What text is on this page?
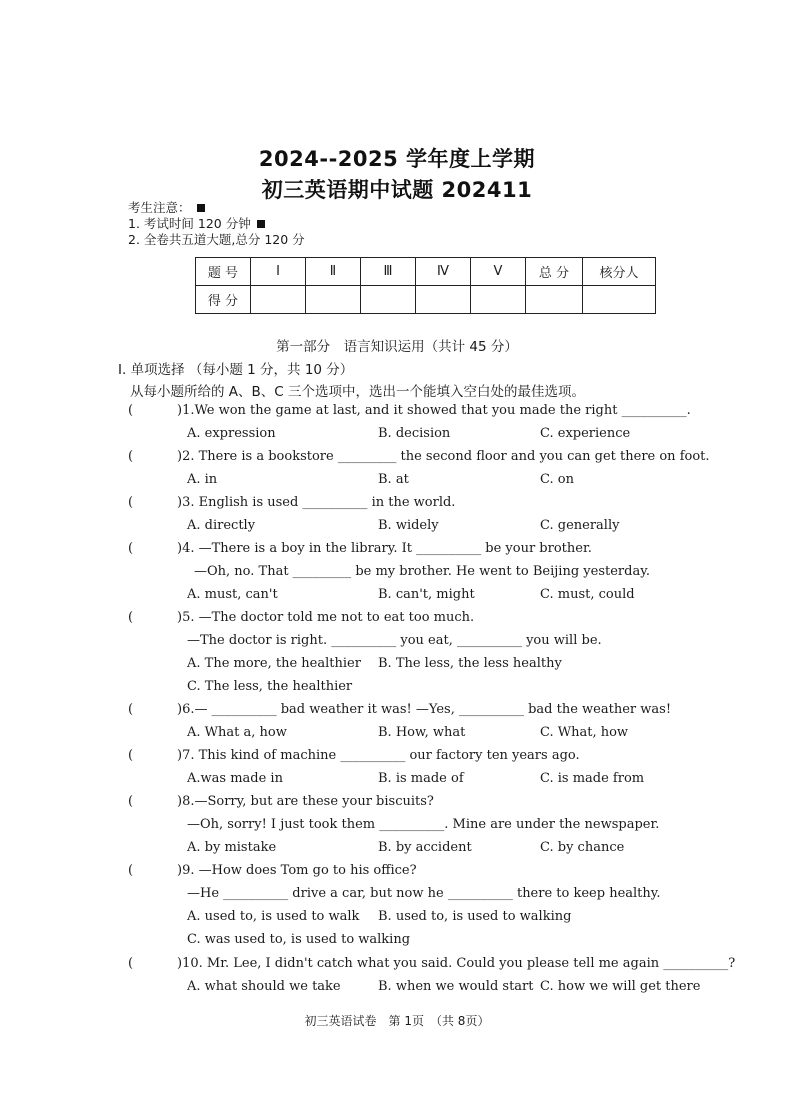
2024--2025 学年度上学期
初三英语期中试题 202411
考生注意：
1. 考试时间 120 分钟
2. 全卷共五道大题,总分 120 分
题 号	Ⅰ	Ⅱ	Ⅲ	Ⅳ	Ⅴ	总 分	核分人
得 分							
第一部分　语言知识运用（共计 45 分）
Ⅰ. 单项选择 （每小题 1 分，共 10 分）
从每小题所给的 A、B、C 三个选项中，选出一个能填入空白处的最佳选项。
(	)1.We won the game at last, and it showed that you made the right __________.
A. expression	B. decision	C. experience
(	)2. There is a bookstore _________ the second floor and you can get there on foot.
A. in	B. at	C. on
(	)3. English is used __________ in the world.
A. directly	B. widely	C. generally
(	)4. —There is a boy in the library. It __________ be your brother.
—Oh, no. That _________ be my brother. He went to Beijing yesterday.
A. must, can't	B. can't, might	C. must, could
(	)5. —The doctor told me not to eat too much.
—The doctor is right. __________ you eat, __________ you will be.
A. The more, the healthier B. The less, the less healthy
C. The less, the healthier
(	)6.— __________ bad weather it was! —Yes, __________ bad the weather was!
A. What a, how	B. How, what	C. What, how
(	)7. This kind of machine __________ our factory ten years ago.
A.was made in	B. is made of	C. is made from
(	)8.—Sorry, but are these your biscuits?
—Oh, sorry! I just took them __________. Mine are under the newspaper.
A. by mistake	B. by accident	C. by chance
(	)9. —How does Tom go to his office?
—He __________ drive a car, but now he __________ there to keep healthy.
A. used to, is used to walk B. used to, is used to walking
C. was used to, is used to walking
(	)10. Mr. Lee, I didn't catch what you said. Could you please tell me again __________?
A. what should we take	B. when we would start C. how we will get there
初三英语试卷　第 1页　（共 8页）
